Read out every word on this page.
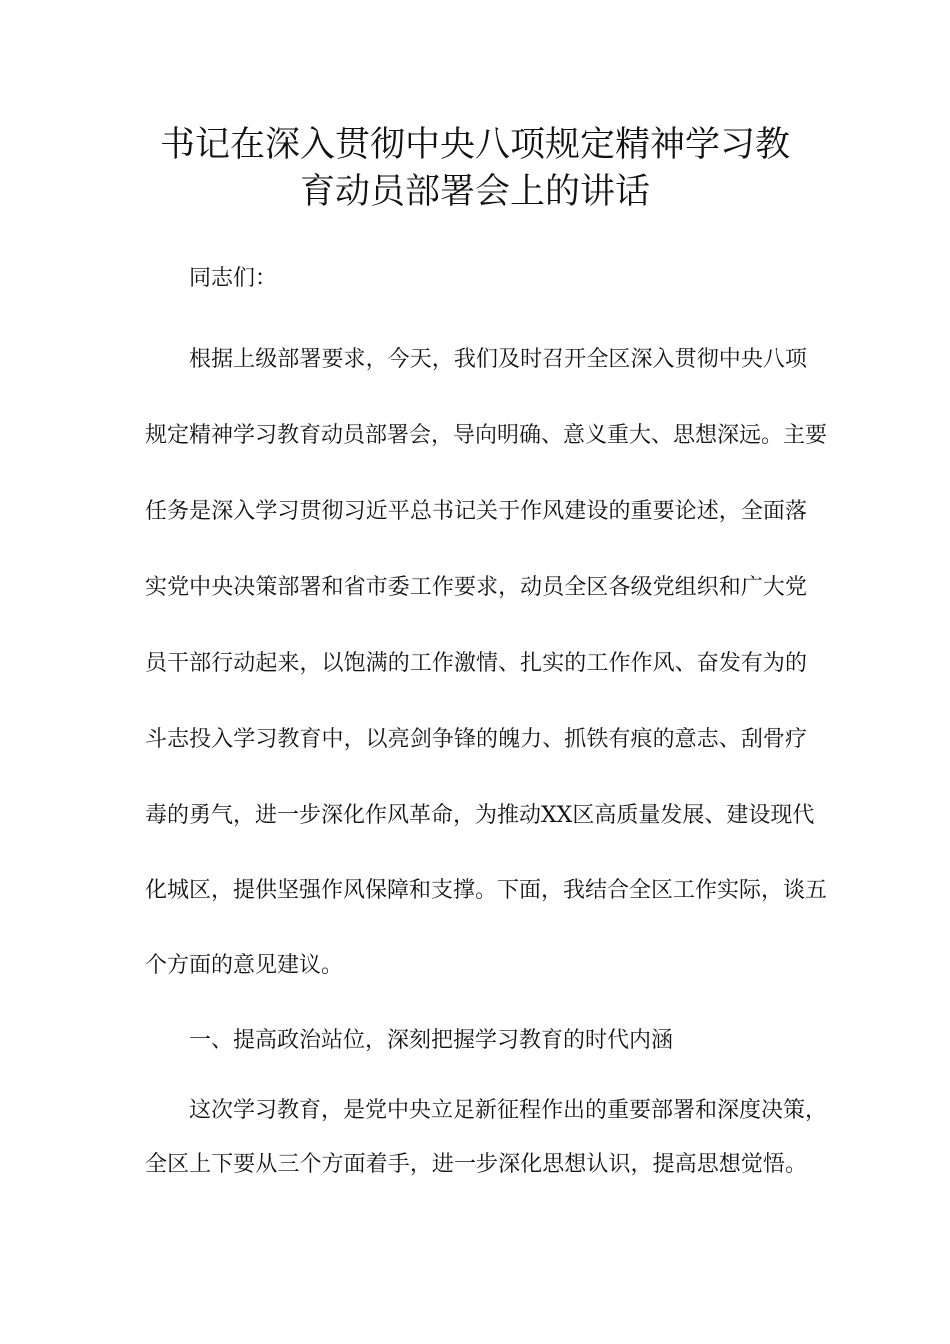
书记在深入贯彻中央八项规定精神学习教
育动员部署会上的讲话
同志们：
根据上级部署要求，今天，我们及时召开全区深入贯彻中央八项
规定精神学习教育动员部署会，导向明确、意义重大、思想深远。主要
任务是深入学习贯彻习近平总书记关于作风建设的重要论述，全面落
实党中央决策部署和省市委工作要求，动员全区各级党组织和广大党
员干部行动起来，以饱满的工作激情、扎实的工作作风、奋发有为的
斗志投入学习教育中，以亮剑争锋的魄力、抓铁有痕的意志、刮骨疗
毒的勇气，进一步深化作风革命，为推动XX区高质量发展、建设现代
化城区，提供坚强作风保障和支撑。下面，我结合全区工作实际，谈五
个方面的意见建议。
一、提高政治站位，深刻把握学习教育的时代内涵
这次学习教育，是党中央立足新征程作出的重要部署和深度决策，
全区上下要从三个方面着手，进一步深化思想认识，提高思想觉悟。
